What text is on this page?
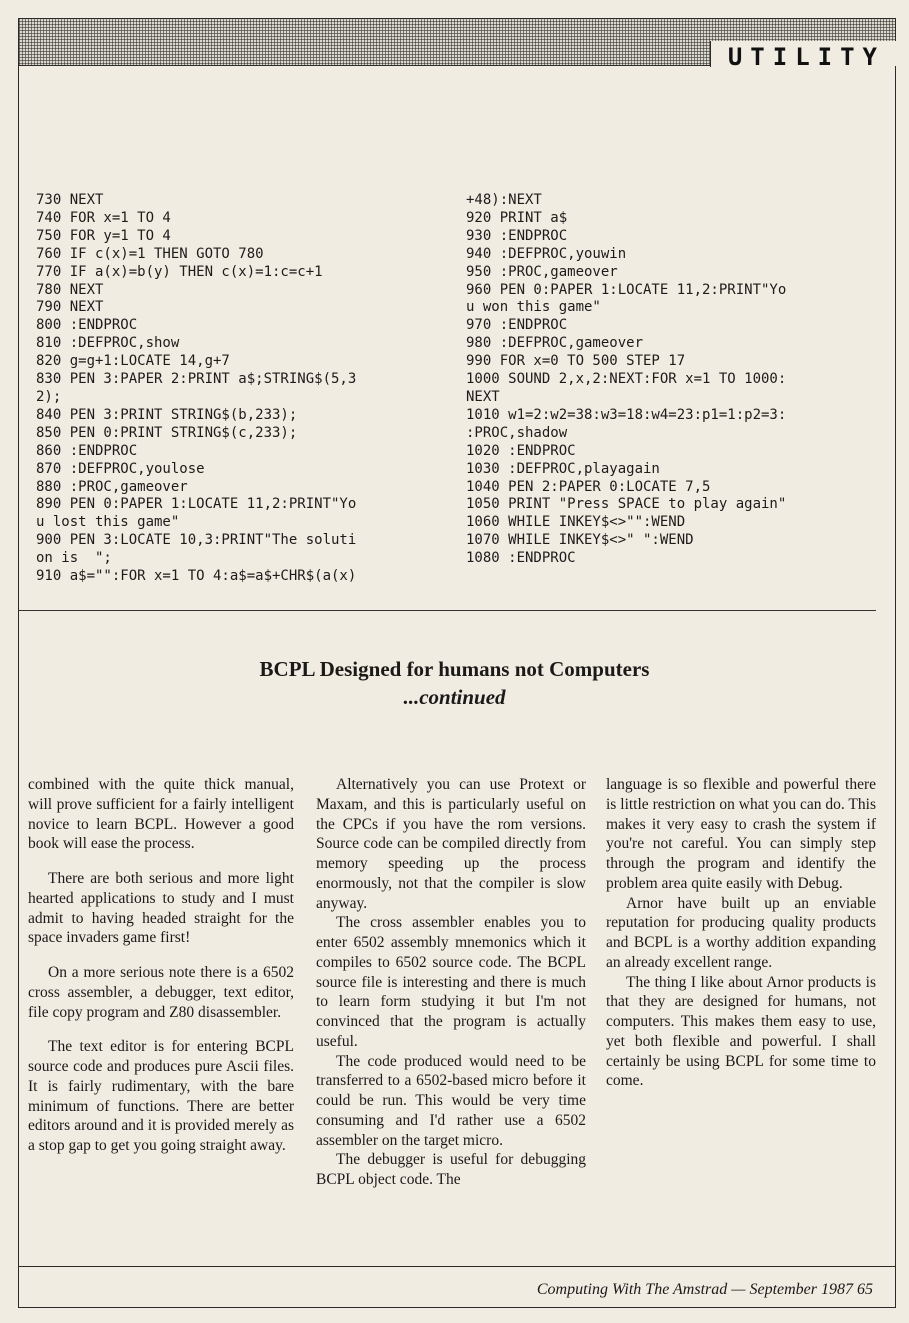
UTILITY
730 NEXT
740 FOR x=1 TO 4
750 FOR y=1 TO 4
760 IF c(x)=1 THEN GOTO 780
770 IF a(x)=b(y) THEN c(x)=1:c=c+1
780 NEXT
790 NEXT
800 :ENDPROC
810 :DEFPROC,show
820 g=g+1:LOCATE 14,g+7
830 PEN 3:PAPER 2:PRINT a$;STRING$(5,3
2);
840 PEN 3:PRINT STRING$(b,233);
850 PEN 0:PRINT STRING$(c,233);
860 :ENDPROC
870 :DEFPROC,youlose
880 :PROC,gameover
890 PEN 0:PAPER 1:LOCATE 11,2:PRINT"Yo
u lost this game"
900 PEN 3:LOCATE 10,3:PRINT"The soluti
on is  ";
910 a$="":FOR x=1 TO 4:a$=a$+CHR$(a(x)
+48):NEXT
920 PRINT a$
930 :ENDPROC
940 :DEFPROC,youwin
950 :PROC,gameover
960 PEN 0:PAPER 1:LOCATE 11,2:PRINT"Yo
u won this game"
970 :ENDPROC
980 :DEFPROC,gameover
990 FOR x=0 TO 500 STEP 17
1000 SOUND 2,x,2:NEXT:FOR x=1 TO 1000:
NEXT
1010 w1=2:w2=38:w3=18:w4=23:p1=1:p2=3:
:PROC,shadow
1020 :ENDPROC
1030 :DEFPROC,playagain
1040 PEN 2:PAPER 0:LOCATE 7,5
1050 PRINT "Press SPACE to play again"
1060 WHILE INKEY$<>"":WEND
1070 WHILE INKEY$<>" ":WEND
1080 :ENDPROC
BCPL Designed for humans not Computers
...continued

combined with the quite thick manual, will prove sufficient for a fairly intelligent novice to learn BCPL. However a good book will ease the process.

There are both serious and more light hearted applications to study and I must admit to having headed straight for the space invaders game first!

On a more serious note there is a 6502 cross assembler, a debugger, text editor, file copy program and Z80 disassembler.

The text editor is for entering BCPL source code and produces pure Ascii files. It is fairly rudimentary, with the bare minimum of functions. There are better editors around and it is provided merely as a stop gap to get you going straight away.

Alternatively you can use Protext or Maxam, and this is particularly useful on the CPCs if you have the rom versions. Source code can be compiled directly from memory speeding up the process enormously, not that the compiler is slow anyway.

The cross assembler enables you to enter 6502 assembly mnemonics which it compiles to 6502 source code. The BCPL source file is interesting and there is much to learn form studying it but I'm not convinced that the program is actually useful.

The code produced would need to be transferred to a 6502-based micro before it could be run. This would be very time consuming and I'd rather use a 6502 assembler on the target micro.

The debugger is useful for debugging BCPL object code. The

language is so flexible and powerful there is little restriction on what you can do. This makes it very easy to crash the system if you're not careful. You can simply step through the program and identify the problem area quite easily with Debug.

Arnor have built up an enviable reputation for producing quality products and BCPL is a worthy addition expanding an already excellent range.

The thing I like about Arnor products is that they are designed for humans, not computers. This makes them easy to use, yet both flexible and powerful. I shall certainly be using BCPL for some time to come.

Computing With The Amstrad — September 1987 65
